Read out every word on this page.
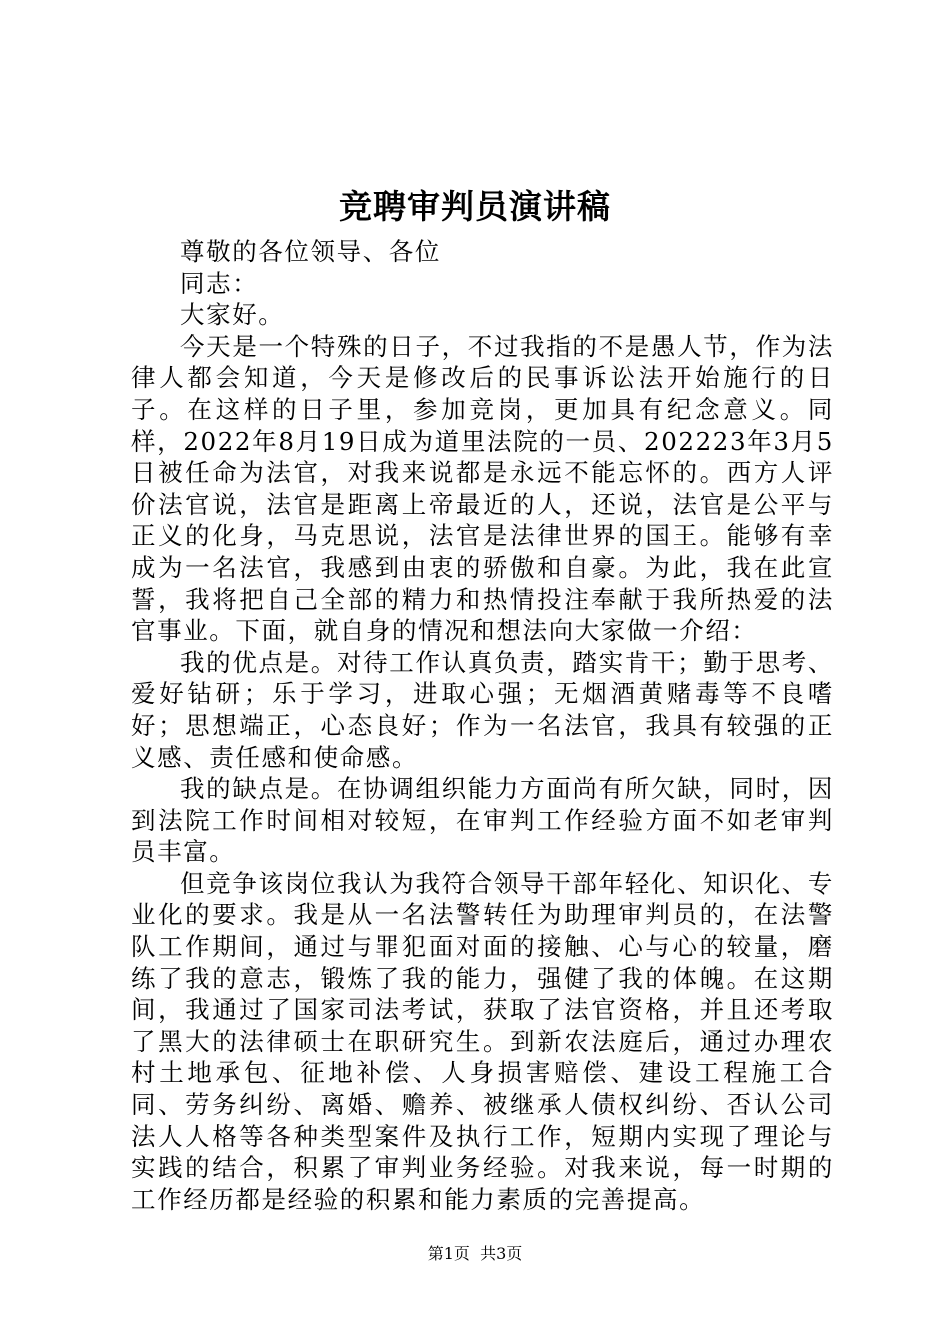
竞聘审判员演讲稿

尊敬的各位领导、各位

同志：

大家好。

今天是一个特殊的日子，不过我指的不是愚人节，作为法律人都会知道，今天是修改后的民事诉讼法开始施行的日子。在这样的日子里，参加竞岗，更加具有纪念意义。同样，2022年8月19日成为道里法院的一员、202223年3月5日被任命为法官，对我来说都是永远不能忘怀的。西方人评价法官说，法官是距离上帝最近的人，还说，法官是公平与正义的化身，马克思说，法官是法律世界的国王。能够有幸成为一名法官，我感到由衷的骄傲和自豪。为此，我在此宣誓，我将把自己全部的精力和热情投注奉献于我所热爱的法官事业。下面，就自身的情况和想法向大家做一介绍：

我的优点是。对待工作认真负责，踏实肯干；勤于思考、爱好钻研；乐于学习，进取心强；无烟酒黄赌毒等不良嗜好；思想端正，心态良好；作为一名法官，我具有较强的正义感、责任感和使命感。

我的缺点是。在协调组织能力方面尚有所欠缺，同时，因到法院工作时间相对较短，在审判工作经验方面不如老审判员丰富。

但竞争该岗位我认为我符合领导干部年轻化、知识化、专业化的要求。我是从一名法警转任为助理审判员的，在法警队工作期间，通过与罪犯面对面的接触、心与心的较量，磨练了我的意志，锻炼了我的能力，强健了我的体魄。在这期间，我通过了国家司法考试，获取了法官资格，并且还考取了黑大的法律硕士在职研究生。到新农法庭后，通过办理农村土地承包、征地补偿、人身损害赔偿、建设工程施工合同、劳务纠纷、离婚、赡养、被继承人债权纠纷、否认公司法人人格等各种类型案件及执行工作，短期内实现了理论与实践的结合，积累了审判业务经验。对我来说，每一时期的工作经历都是经验的积累和能力素质的完善提高。

第1页 共3页
